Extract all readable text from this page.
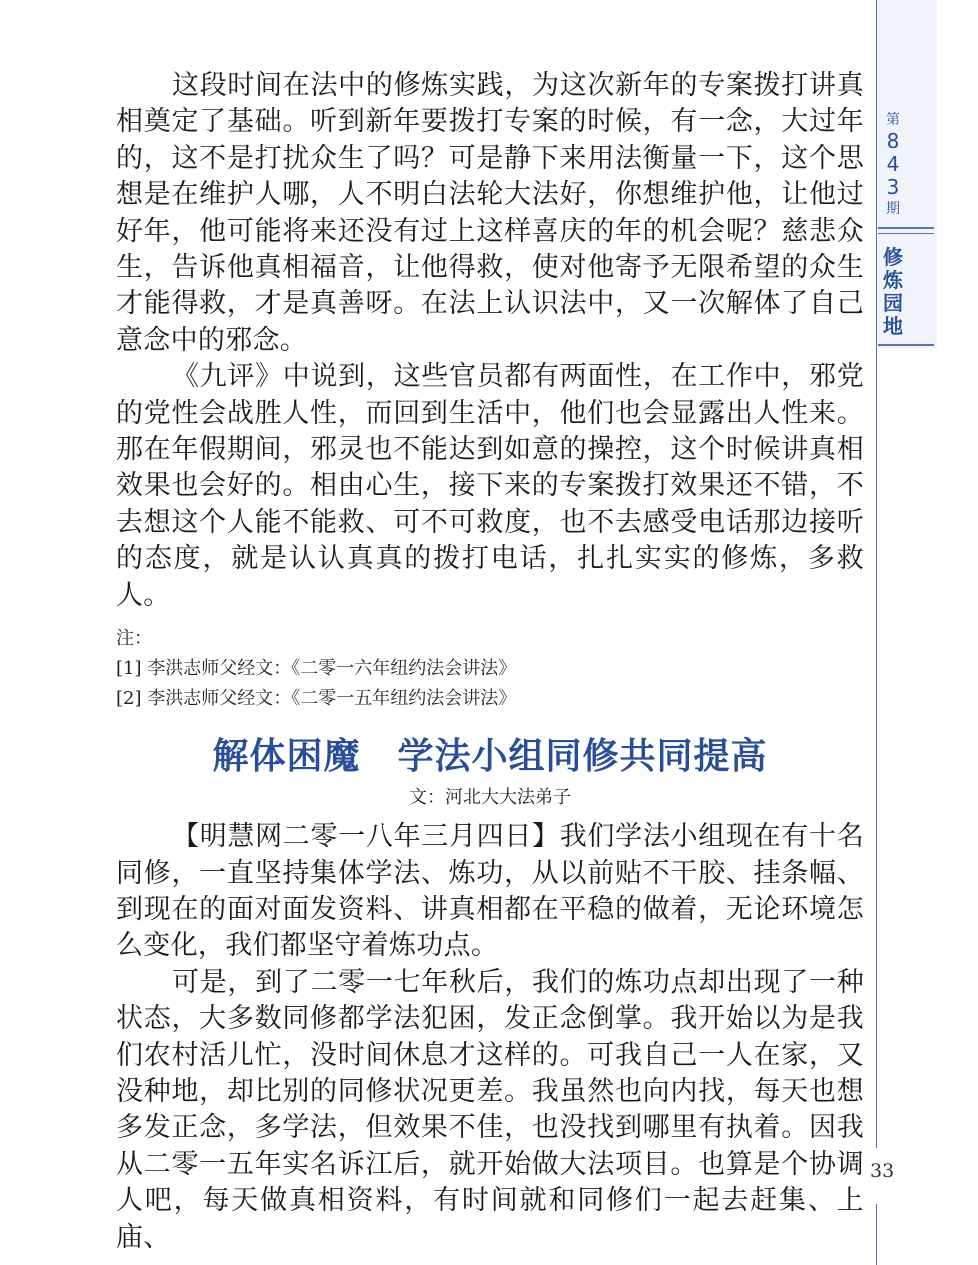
第
8
4
3
期
修
炼
园
地

这段时间在法中的修炼实践，为这次新年的专案拨打讲真相奠定了基础。听到新年要拨打专案的时候，有一念，大过年的，这不是打扰众生了吗？可是静下来用法衡量一下，这个思想是在维护人哪，人不明白法轮大法好，你想维护他，让他过好年，他可能将来还没有过上这样喜庆的年的机会呢？慈悲众生，告诉他真相福音，让他得救，使对他寄予无限希望的众生才能得救，才是真善呀。在法上认识法中，又一次解体了自己意念中的邪念。

《九评》中说到，这些官员都有两面性，在工作中，邪党的党性会战胜人性，而回到生活中，他们也会显露出人性来。那在年假期间，邪灵也不能达到如意的操控，这个时候讲真相效果也会好的。相由心生，接下来的专案拨打效果还不错，不去想这个人能不能救、可不可救度，也不去感受电话那边接听的态度，就是认认真真的拨打电话，扎扎实实的修炼，多救人。

注：
[1] 李洪志师父经文：《二零一六年纽约法会讲法》
[2] 李洪志师父经文：《二零一五年纽约法会讲法》
解体困魔　学法小组同修共同提高
文：河北大大法弟子

【明慧网二零一八年三月四日】我们学法小组现在有十名同修，一直坚持集体学法、炼功，从以前贴不干胶、挂条幅、到现在的面对面发资料、讲真相都在平稳的做着，无论环境怎么变化，我们都坚守着炼功点。

可是，到了二零一七年秋后，我们的炼功点却出现了一种状态，大多数同修都学法犯困，发正念倒掌。我开始以为是我们农村活儿忙，没时间休息才这样的。可我自己一人在家，又没种地，却比别的同修状况更差。我虽然也向内找，每天也想多发正念，多学法，但效果不佳，也没找到哪里有执着。因我从二零一五年实名诉江后，就开始做大法项目。也算是个协调人吧，每天做真相资料，有时间就和同修们一起去赶集、上庙、

33
